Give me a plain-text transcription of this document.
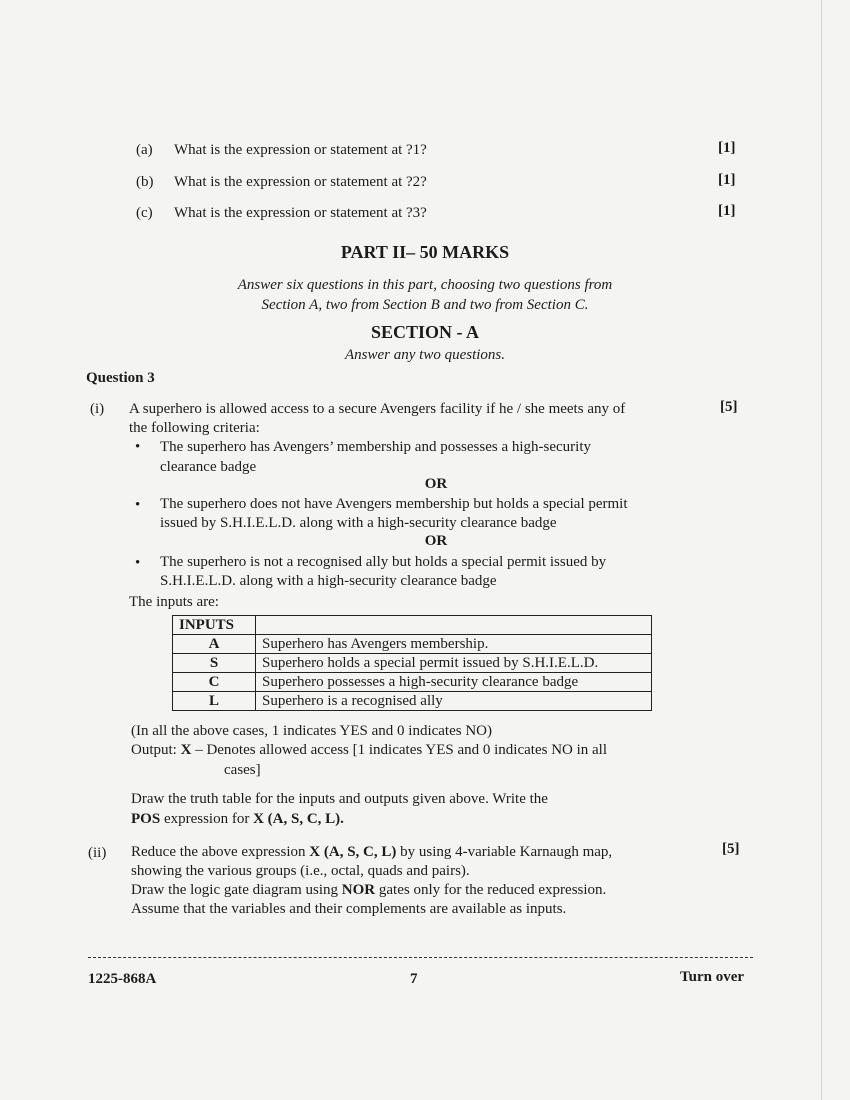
(a) What is the expression or statement at ?1?	[1]
(b) What is the expression or statement at ?2?	[1]
(c) What is the expression or statement at ?3?	[1]
PART II– 50 MARKS
Answer six questions in this part, choosing two questions from
Section A, two from Section B and two from Section C.
SECTION - A
Answer any two questions.
Question 3
(i)	[5]
A superhero is allowed access to a secure Avengers facility if he / she meets any of
the following criteria:
• The superhero has Avengers’ membership and possesses a high-security
clearance badge
OR
• The superhero does not have Avengers membership but holds a special permit
issued by S.H.I.E.L.D. along with a high-security clearance badge
OR
• The superhero is not a recognised ally but holds a special permit issued by
S.H.I.E.L.D. along with a high-security clearance badge
The inputs are:
INPUTS	
A	Superhero has Avengers membership.
S	Superhero holds a special permit issued by S.H.I.E.L.D.
C	Superhero possesses a high-security clearance badge
L	Superhero is a recognised ally
(In all the above cases, 1 indicates YES and 0 indicates NO)
Output: X – Denotes allowed access [1 indicates YES and 0 indicates NO in all
cases]
Draw the truth table for the inputs and outputs given above. Write the
POS expression for X (A, S, C, L).
(ii)	[5]
Reduce the above expression X (A, S, C, L) by using 4-variable Karnaugh map,
showing the various groups (i.e., octal, quads and pairs).
Draw the logic gate diagram using NOR gates only for the reduced expression.
Assume that the variables and their complements are available as inputs.
1225-868A	7	Turn over
